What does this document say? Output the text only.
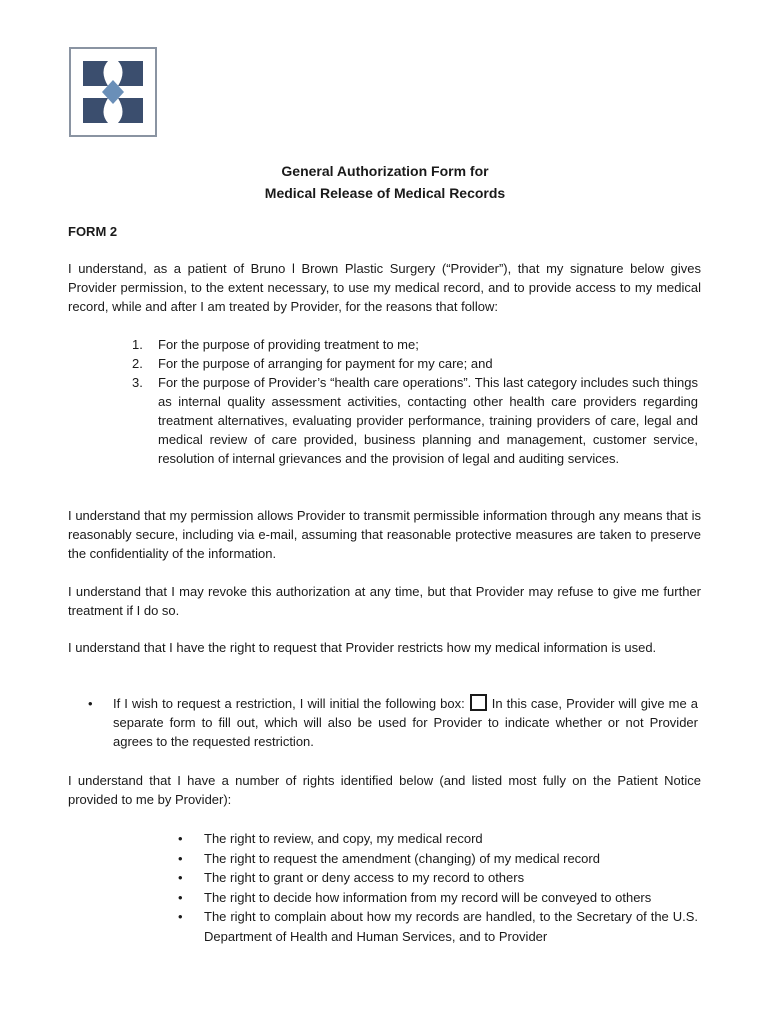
General Authorization Form for
Medical Release of Medical Records
FORM 2

I understand, as a patient of Bruno l Brown Plastic Surgery (“Provider”), that my signature below gives Provider permission, to the extent necessary, to use my medical record, and to provide access to my medical record, while and after I am treated by Provider, for the reasons that follow:

1. For the purpose of providing treatment to me;
2. For the purpose of arranging for payment for my care; and
3. For the purpose of Provider’s “health care operations”. This last category includes such things as internal quality assessment activities, contacting other health care providers regarding treatment alternatives, evaluating provider performance, training providers of care, legal and medical review of care provided, business planning and management, customer service, resolution of internal grievances and the provision of legal and auditing services.

I understand that my permission allows Provider to transmit permissible information through any means that is reasonably secure, including via e-mail, assuming that reasonable protective measures are taken to preserve the confidentiality of the information.

I understand that I may revoke this authorization at any time, but that Provider may refuse to give me further treatment if I do so.

I understand that I have the right to request that Provider restricts how my medical information is used.

• If I wish to request a restriction, I will initial the following box: In this case, Provider will give me a separate form to fill out, which will also be used for Provider to indicate whether or not Provider agrees to the requested restriction.

I understand that I have a number of rights identified below (and listed most fully on the Patient Notice provided to me by Provider):

• The right to review, and copy, my medical record
• The right to request the amendment (changing) of my medical record
• The right to grant or deny access to my record to others
• The right to decide how information from my record will be conveyed to others
• The right to complain about how my records are handled, to the Secretary of the U.S. Department of Health and Human Services, and to Provider
